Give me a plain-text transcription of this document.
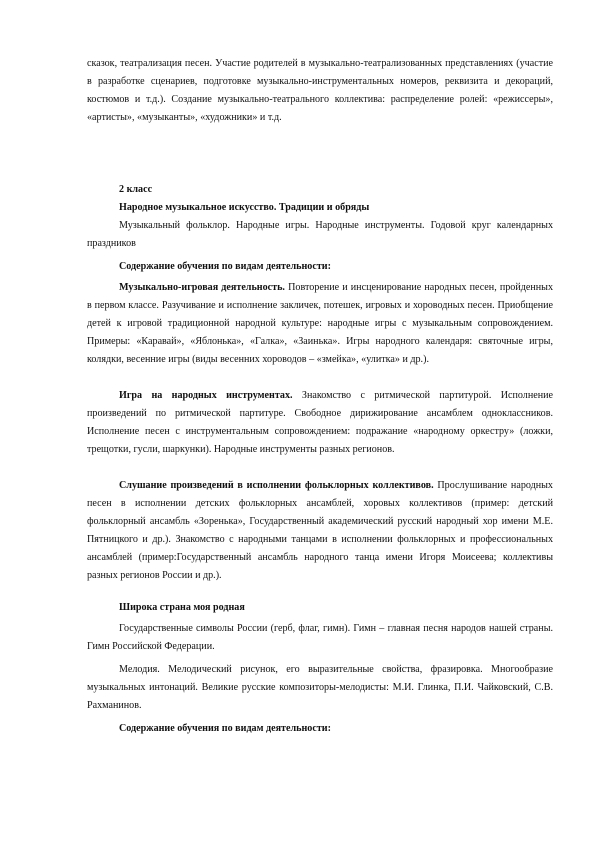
сказок, театрализация песен. Участие родителей в музыкально-театрализованных представлениях (участие в разработке сценариев, подготовке музыкально-инструментальных номеров, реквизита и декораций, костюмов и т.д.). Создание музыкально-театрального коллектива: распределение ролей: «режиссеры», «артисты», «музыканты», «художники» и т.д.

2 класс

Народное музыкальное искусство. Традиции и обряды

Музыкальный фольклор. Народные игры. Народные инструменты. Годовой круг календарных праздников

Содержание обучения по видам деятельности:

Музыкально-игровая деятельность. Повторение и инсценирование народных песен, пройденных в первом классе. Разучивание и исполнение закличек, потешек, игровых и хороводных песен. Приобщение детей к игровой традиционной народной культуре: народные игры с музыкальным сопровождением. Примеры: «Каравай», «Яблонька», «Галка», «Заинька». Игры народного календаря: святочные игры, колядки, весенние игры (виды весенних хороводов – «змейка», «улитка» и др.).

Игра на народных инструментах. Знакомство с ритмической партитурой. Исполнение произведений по ритмической партитуре. Свободное дирижирование ансамблем одноклассников. Исполнение песен с инструментальным сопровождением: подражание «народному оркестру» (ложки, трещотки, гусли, шаркунки). Народные инструменты разных регионов.

Слушание произведений в исполнении фольклорных коллективов. Прослушивание народных песен в исполнении детских фольклорных ансамблей, хоровых коллективов (пример: детский фольклорный ансамбль «Зоренька», Государственный академический русский народный хор имени М.Е. Пятницкого и др.). Знакомство с народными танцами в исполнении фольклорных и профессиональных ансамблей (пример:Государственный ансамбль народного танца имени Игоря Моисеева; коллективы разных регионов России и др.).

Широка страна моя родная

Государственные символы России (герб, флаг, гимн). Гимн – главная песня народов нашей страны. Гимн Российской Федерации.

Мелодия. Мелодический рисунок, его выразительные свойства, фразировка. Многообразие музыкальных интонаций. Великие русские композиторы-мелодисты: М.И. Глинка, П.И. Чайковский, С.В. Рахманинов.

Содержание обучения по видам деятельности:
